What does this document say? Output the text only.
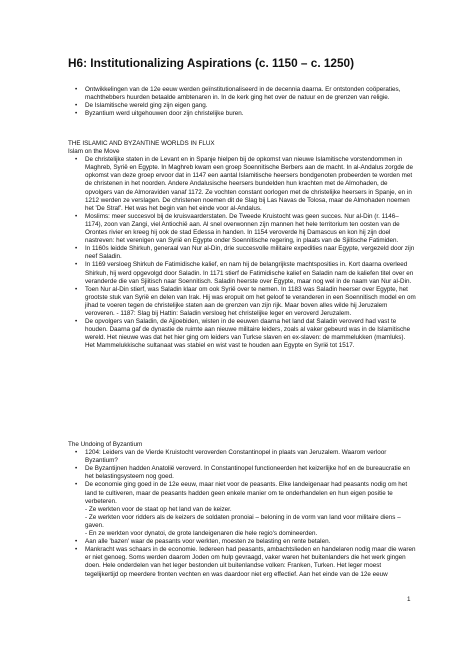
H6: Institutionalizing Aspirations (c. 1150 – c. 1250)
• Ontwikkelingen van de 12e eeuw werden geïnstitutionaliseerd in de decennia daarna. Er ontstonden coöperaties, machthebbers huurden betaalde ambtenaren in. In de kerk ging het over de natuur en de grenzen van religie.
• De Islamitische wereld ging zijn eigen gang.
• Byzantium werd uitgehouwen door zijn christelijke buren.

THE ISLAMIC AND BYZANTINE WORLDS IN FLUX

Islam on the Move

• De christelijke staten in de Levant en in Spanje hielpen bij de opkomst van nieuwe Islamitische vorstendommen in Maghreb, Syrië en Egypte. In Maghreb kwam een groep Soennitische Berbers aan de macht. In al-Andalus zorgde de opkomst van deze groep ervoor dat in 1147 een aantal Islamitische heersers bondgenoten probeerden te worden met de christenen in het noorden. Andere Andalusische heersers bundelden hun krachten met de Almohaden, de opvolgers van de Almoraviden vanaf 1172. Ze vochten constant oorlogen met de christelijke heersers in Spanje, en in 1212 werden ze verslagen. De christenen noemen dit de Slag bij Las Navas de Tolosa, maar de Almohaden noemen het 'De Straf'. Het was het begin van het einde voor al-Andalus.
• Moslims: meer succesvol bij de kruisvaarderstaten. De Tweede Kruistocht was geen succes. Nur al-Din (r. 1146–1174), zoon van Zangi, viel Antiochië aan. Al snel overwonnen zijn mannen het hele territorium ten oosten van de Orontes rivier en kreeg hij ook de stad Edessa in handen. In 1154 veroverde hij Damascus en kon hij zijn doel nastreven: het verenigen van Syrië en Egypte onder Soennitische regering, in plaats van de Sjiitische Fatimiden.
• In 1160s leidde Shirkuh, generaal van Nur al-Din, drie succesvolle militaire expedities naar Egypte, vergezeld door zijn neef Saladin.
• In 1169 versloeg Shirkuh de Fatimidische kalief, en nam hij de belangrijkste machtsposities in. Kort daarna overleed Shirkuh, hij werd opgevolgd door Saladin. In 1171 stierf de Fatimidische kalief en Saladin nam de kaliefen titel over en veranderde die van Sjiitisch naar Soennitisch. Saladin heerste over Egypte, maar nog wel in de naam van Nur al-Din.
• Toen Nur al-Din stierf, was Saladin klaar om ook Syrië over te nemen. In 1183 was Saladin heerser over Egypte, het grootste stuk van Syrië en delen van Irak. Hij was eropuit om het geloof te veranderen in een Soennitisch model en om jihad te voeren tegen de christelijke staten aan de grenzen van zijn rijk. Maar boven alles wilde hij Jeruzalem veroveren. - 1187: Slag bij Hattin: Saladin versloeg het christelijke leger en veroverd Jeruzalem.
• De opvolgers van Saladin, de Ajjoebiden, wisten in de eeuwen daarna het land dat Saladin veroverd had vast te houden. Daarna gaf de dynastie de ruimte aan nieuwe militaire leiders, zoals al vaker gebeurd was in de Islamitische wereld. Het nieuwe was dat het hier ging om leiders van Turkse slaven en ex-slaven: de mammelukken (mamluks). Het Mammelukkische sultanaat was stabiel en wist vast te houden aan Egypte en Syrië tot 1517.

The Undoing of Byzantium

• 1204: Leiders van de Vierde Kruistocht veroverden Constantinopel in plaats van Jeruzalem. Waarom verloor Byzantium?
• De Byzantijnen hadden Anatolië veroverd. In Constantinopel functioneerden het keizerlijke hof en de bureaucratie en het belastingsysteem nog goed.
• De economie ging goed in de 12e eeuw, maar niet voor de peasants. Elke landeigenaar had peasants nodig om het land te cultiveren, maar de peasants hadden geen enkele manier om te onderhandelen en hun eigen positie te verbeteren.
- Ze werkten voor de staat op het land van de keizer.
- Ze werkten voor ridders als de keizers de soldaten pronoiai – beloning in de vorm van land voor militaire diens – gaven.
- En ze werkten voor dynatoi, de grote landeigenaren die hele regio's domineerden.
• Aan alle 'bazen' waar de peasants voor werkten, moesten ze belasting en rente betalen.
• Mankracht was schaars in de economie. Iedereen had peasants, ambachtslieden en handelaren nodig maar die waren er niet genoeg. Soms werden daarom Joden om hulp gevraagd, vaker waren het buitenlanders die het werk gingen doen. Hele onderdelen van het leger bestonden uit buitenlandse volken: Franken, Turken. Het leger moest tegelijkertijd op meerdere fronten vechten en was daardoor niet erg effectief. Aan het einde van de 12e eeuw
1
